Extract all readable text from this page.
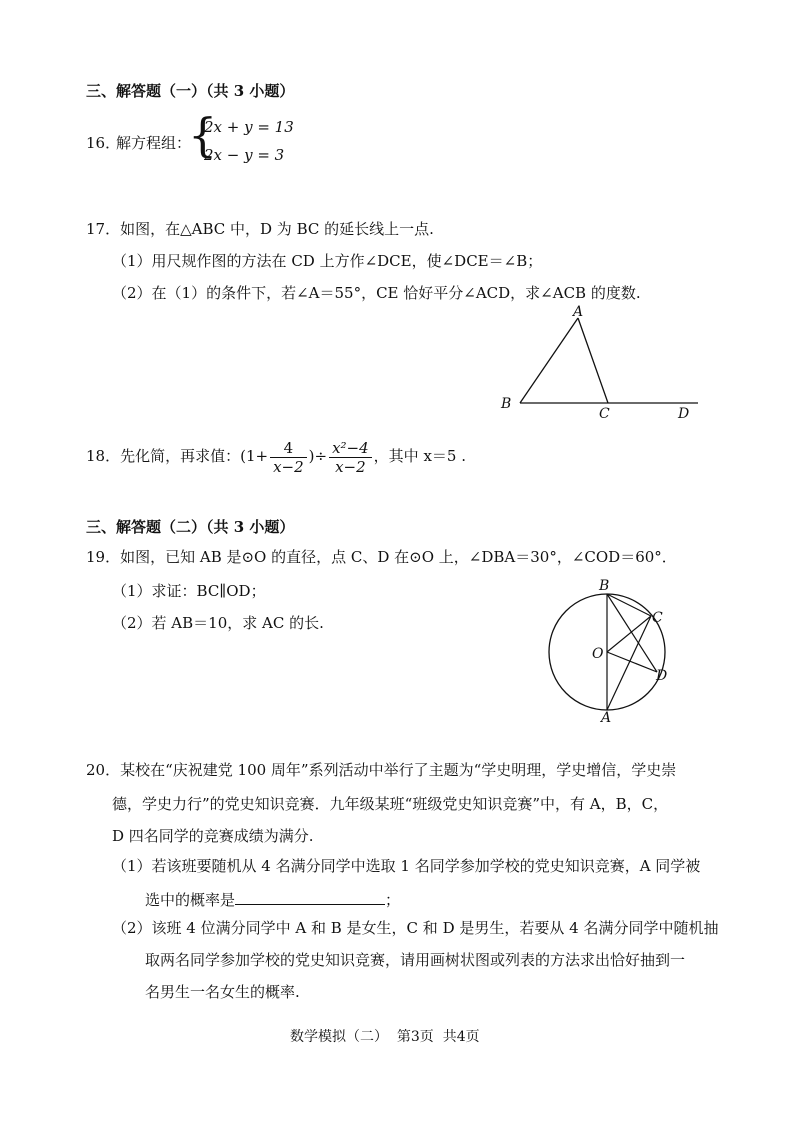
三、解答题（一）（共 3 小题）
16．
解方程组：
{
2x + y = 13
2x − y = 3
17．如图，在△ABC 中，D 为 BC 的延长线上一点.
（1）用尺规作图的方法在 CD 上方作∠DCE，使∠DCE＝∠B；
（2）在（1）的条件下，若∠A＝55°，CE 恰好平分∠ACD，求∠ACB 的度数.
A
B
C	D
18．先化简，再求值：($1+ \frac{4}{x-2}$ )÷ $\frac{\text{x²−4}}{x-2}$ ，其中 x＝5 .
三、解答题（二）（共 3 小题）
19．如图，已知 AB 是⊙O 的直径，点 C、D 在⊙O 上，∠DBA＝30°，∠COD＝60°．
（1）求证：BC∥OD；
（2）若 AB＝10，求 AC 的长.
B
C
O
D
A
20．某校在“庆祝建党 100 周年”系列活动中举行了主题为“学史明理，学史增信，学史崇
德，学史力行”的党史知识竞赛．九年级某班“班级党史知识竞赛”中，有 A，B，C，
D 四名同学的竞赛成绩为满分.
（1）若该班要随机从 4 名满分同学中选取 1 名同学参加学校的党史知识竞赛，A 同学被
选中的概率是	；
（2）该班 4 位满分同学中 A 和 B 是女生，C 和 D 是男生，若要从 4 名满分同学中随机抽
取两名同学参加学校的党史知识竞赛，请用画树状图或列表的方法求出恰好抽到一
名男生一名女生的概率.
数学模拟（二）  第3页  共4页
